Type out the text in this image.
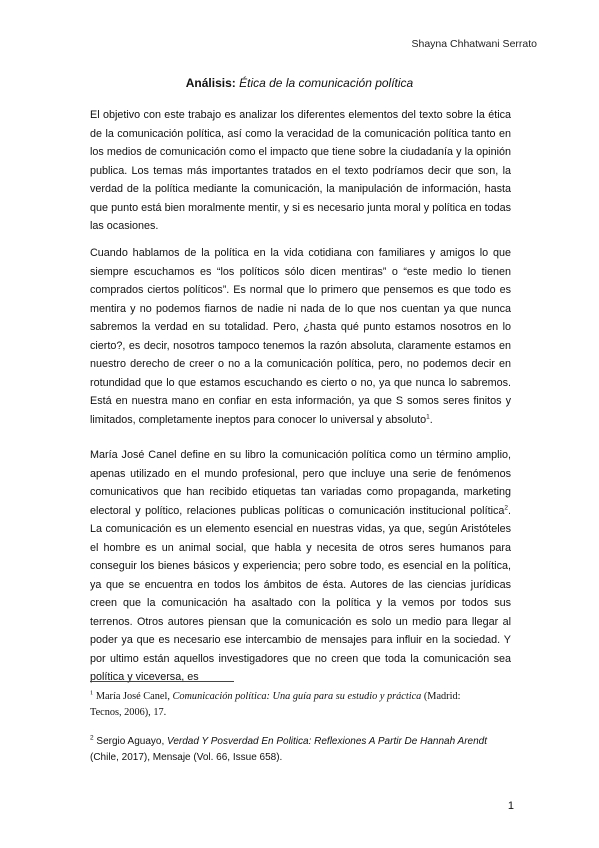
Shayna Chhatwani Serrato
Análisis: Ética de la comunicación política

El objetivo con este trabajo es analizar los diferentes elementos del texto sobre la ética de la comunicación política, así como la veracidad de la comunicación política tanto en los medios de comunicación como el impacto que tiene sobre la ciudadanía y la opinión publica. Los temas más importantes tratados en el texto podríamos decir que son, la verdad de la política mediante la comunicación, la manipulación de información, hasta que punto está bien moralmente mentir, y si es necesario junta moral y política en todas las ocasiones.

Cuando hablamos de la política en la vida cotidiana con familiares y amigos lo que siempre escuchamos es “los políticos sólo dicen mentiras” o “este medio lo tienen comprados ciertos políticos”. Es normal que lo primero que pensemos es que todo es mentira y no podemos fiarnos de nadie ni nada de lo que nos cuentan ya que nunca sabremos la verdad en su totalidad. Pero, ¿hasta qué punto estamos nosotros en lo cierto?, es decir, nosotros tampoco tenemos la razón absoluta, claramente estamos en nuestro derecho de creer o no a la comunicación política, pero, no podemos decir en rotundidad que lo que estamos escuchando es cierto o no, ya que nunca lo sabremos. Está en nuestra mano en confiar en esta información, ya que S somos seres finitos y limitados, completamente ineptos para conocer lo universal y absoluto$^1$.

María José Canel define en su libro la comunicación política como un término amplio, apenas utilizado en el mundo profesional, pero que incluye una serie de fenómenos comunicativos que han recibido etiquetas tan variadas como propaganda, marketing electoral y político, relaciones publicas políticas o comunicación institucional política$^2$. La comunicación es un elemento esencial en nuestras vidas, ya que, según Aristóteles el hombre es un animal social, que habla y necesita de otros seres humanos para conseguir los bienes básicos y experiencia; pero sobre todo, es esencial en la política, ya que se encuentra en todos los ámbitos de ésta. Autores de las ciencias jurídicas creen que la comunicación ha asaltado con la política y la vemos por todos sus terrenos. Otros autores piensan que la comunicación es solo un medio para llegar al poder ya que es necesario ese intercambio de mensajes para influir en la sociedad. Y por ultimo están aquellos investigadores que no creen que toda la comunicación sea política y viceversa, es

$^1$ María José Canel, Comunicación política: Una guía para su estudio y práctica (Madrid: Tecnos, 2006), 17.
$^2$ Sergio Aguayo, Verdad Y Posverdad En Politica: Reflexiones A Partir De Hannah Arendt (Chile, 2017), Mensaje (Vol. 66, Issue 658).
1
